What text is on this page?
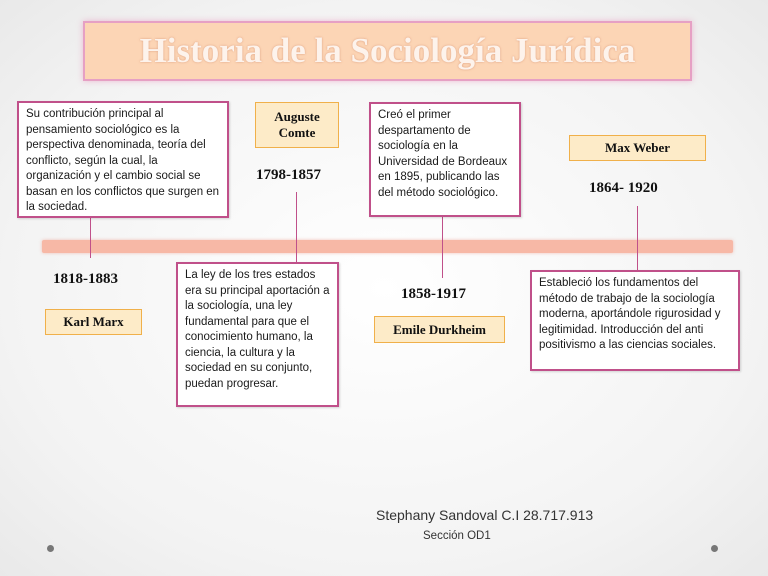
Historia de la Sociología Jurídica
Su contribución principal al pensamiento sociológico es la perspectiva denominada, teoría del conflicto, según la cual, la organización y el cambio social se basan en los conflictos que surgen en la sociedad.
1818-1883
Karl Marx
Auguste Comte
1798-1857
La ley de los tres estados era su principal aportación a la sociología, una ley fundamental para que el conocimiento humano, la ciencia, la cultura y la sociedad en su conjunto, puedan progresar.
Creó el primer despartamento de sociología en la Universidad de Bordeaux en 1895, publicando las del método sociológico.
1858-1917
Emile Durkheim
Max Weber
1864- 1920
Estableció los fundamentos del método de trabajo de la sociología moderna, aportándole rigurosidad y legitimidad. Introducción del anti positivismo a las ciencias sociales.
Stephany Sandoval C.I 28.717.913
Sección OD1
